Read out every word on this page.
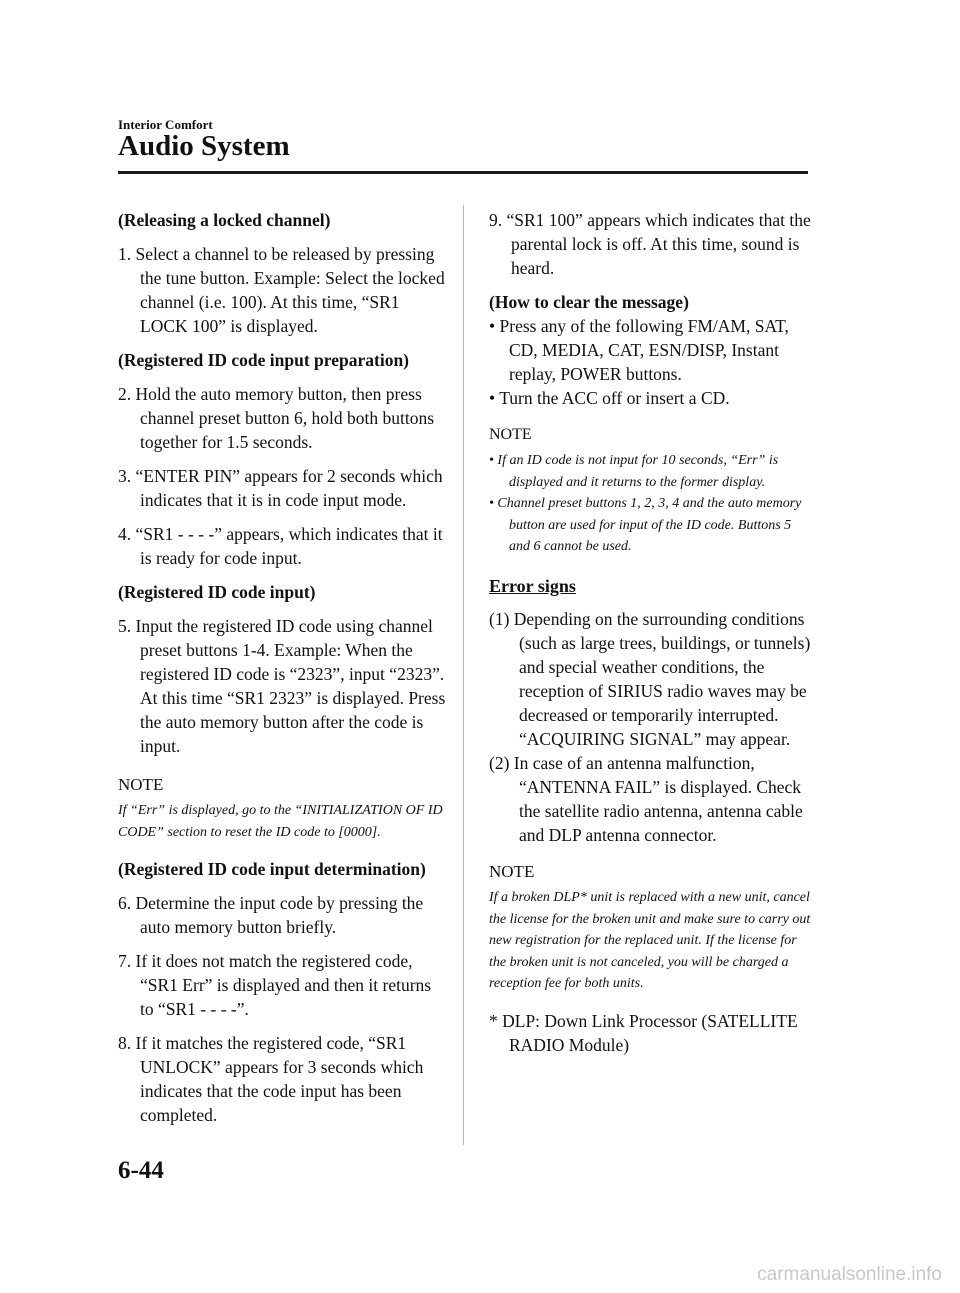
Interior Comfort
Audio System
(Releasing a locked channel)
1. Select a channel to be released by pressing the tune button. Example: Select the locked channel (i.e. 100). At this time, “SR1 LOCK 100” is displayed.
(Registered ID code input preparation)
2. Hold the auto memory button, then press channel preset button 6, hold both buttons together for 1.5 seconds.
3. “ENTER PIN” appears for 2 seconds which indicates that it is in code input mode.
4. “SR1 - - - -” appears, which indicates that it is ready for code input.
(Registered ID code input)
5. Input the registered ID code using channel preset buttons 1-4. Example: When the registered ID code is “2323”, input “2323”. At this time “SR1 2323” is displayed. Press the auto memory button after the code is input.
NOTE
If “Err” is displayed, go to the “INITIALIZATION OF ID CODE” section to reset the ID code to [0000].
(Registered ID code input determination)
6. Determine the input code by pressing the auto memory button briefly.
7. If it does not match the registered code, “SR1 Err” is displayed and then it returns to “SR1 - - - -”.
8. If it matches the registered code, “SR1 UNLOCK” appears for 3 seconds which indicates that the code input has been completed.
9. “SR1 100” appears which indicates that the parental lock is off. At this time, sound is heard.
(How to clear the message)
• Press any of the following FM/AM, SAT, CD, MEDIA, CAT, ESN/DISP, Instant replay, POWER buttons.
• Turn the ACC off or insert a CD.
NOTE
• If an ID code is not input for 10 seconds, “Err” is displayed and it returns to the former display.
• Channel preset buttons 1, 2, 3, 4 and the auto memory button are used for input of the ID code. Buttons 5 and 6 cannot be used.
Error signs
(1) Depending on the surrounding conditions (such as large trees, buildings, or tunnels) and special weather conditions, the reception of SIRIUS radio waves may be decreased or temporarily interrupted. “ACQUIRING SIGNAL” may appear.
(2) In case of an antenna malfunction, “ANTENNA FAIL” is displayed. Check the satellite radio antenna, antenna cable and DLP antenna connector.
NOTE
If a broken DLP* unit is replaced with a new unit, cancel the license for the broken unit and make sure to carry out new registration for the replaced unit. If the license for the broken unit is not canceled, you will be charged a reception fee for both units.
* DLP: Down Link Processor (SATELLITE RADIO Module)
6-44
carmanualsonline.info
